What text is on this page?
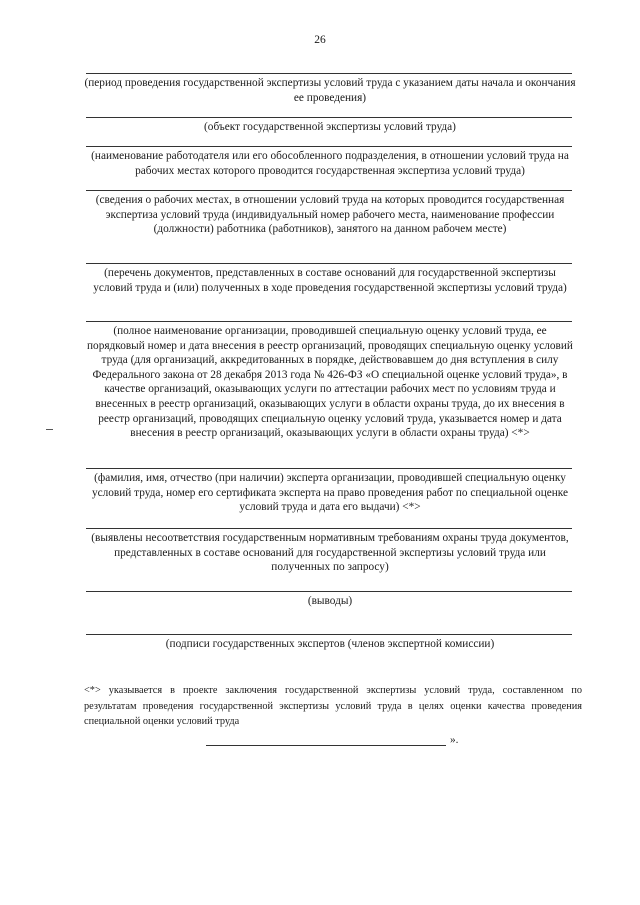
26
(период проведения государственной экспертизы условий труда с указанием даты начала и окончания ее проведения)
(объект государственной экспертизы условий труда)
(наименование работодателя или его обособленного подразделения, в отношении условий труда на рабочих местах которого проводится государственная экспертиза условий труда)
(сведения о рабочих местах, в отношении условий труда на которых проводится государственная экспертиза условий труда (индивидуальный номер рабочего места, наименование профессии (должности) работника (работников), занятого на данном рабочем месте)
(перечень документов, представленных в составе оснований для государственной экспертизы условий труда и (или) полученных в ходе проведения государственной экспертизы условий труда)
(полное наименование организации, проводившей специальную оценку условий труда, ее порядковый номер и дата внесения в реестр организаций, проводящих специальную оценку условий труда (для организаций, аккредитованных в порядке, действовавшем до дня вступления в силу Федерального закона от 28 декабря 2013 года № 426-ФЗ «О специальной оценке условий труда», в качестве организаций, оказывающих услуги по аттестации рабочих мест по условиям труда и внесенных в реестр организаций, оказывающих услуги в области охраны труда, до их внесения в реестр организаций, проводящих специальную оценку условий труда, указывается номер и дата внесения в реестр организаций, оказывающих услуги в области охраны труда) <*>
(фамилия, имя, отчество (при наличии) эксперта организации, проводившей специальную оценку условий труда, номер его сертификата эксперта на право проведения работ по специальной оценке условий труда и дата его выдачи) <*>
(выявлены несоответствия государственным нормативным требованиям охраны труда документов, представленных в составе оснований для государственной экспертизы условий труда или полученных по запросу)
(выводы)
(подписи государственных экспертов (членов экспертной комиссии)
<*> указывается в проекте заключения государственной экспертизы условий труда, составленном по результатам проведения государственной экспертизы условий труда в целях оценки качества проведения специальной оценки условий труда
».
